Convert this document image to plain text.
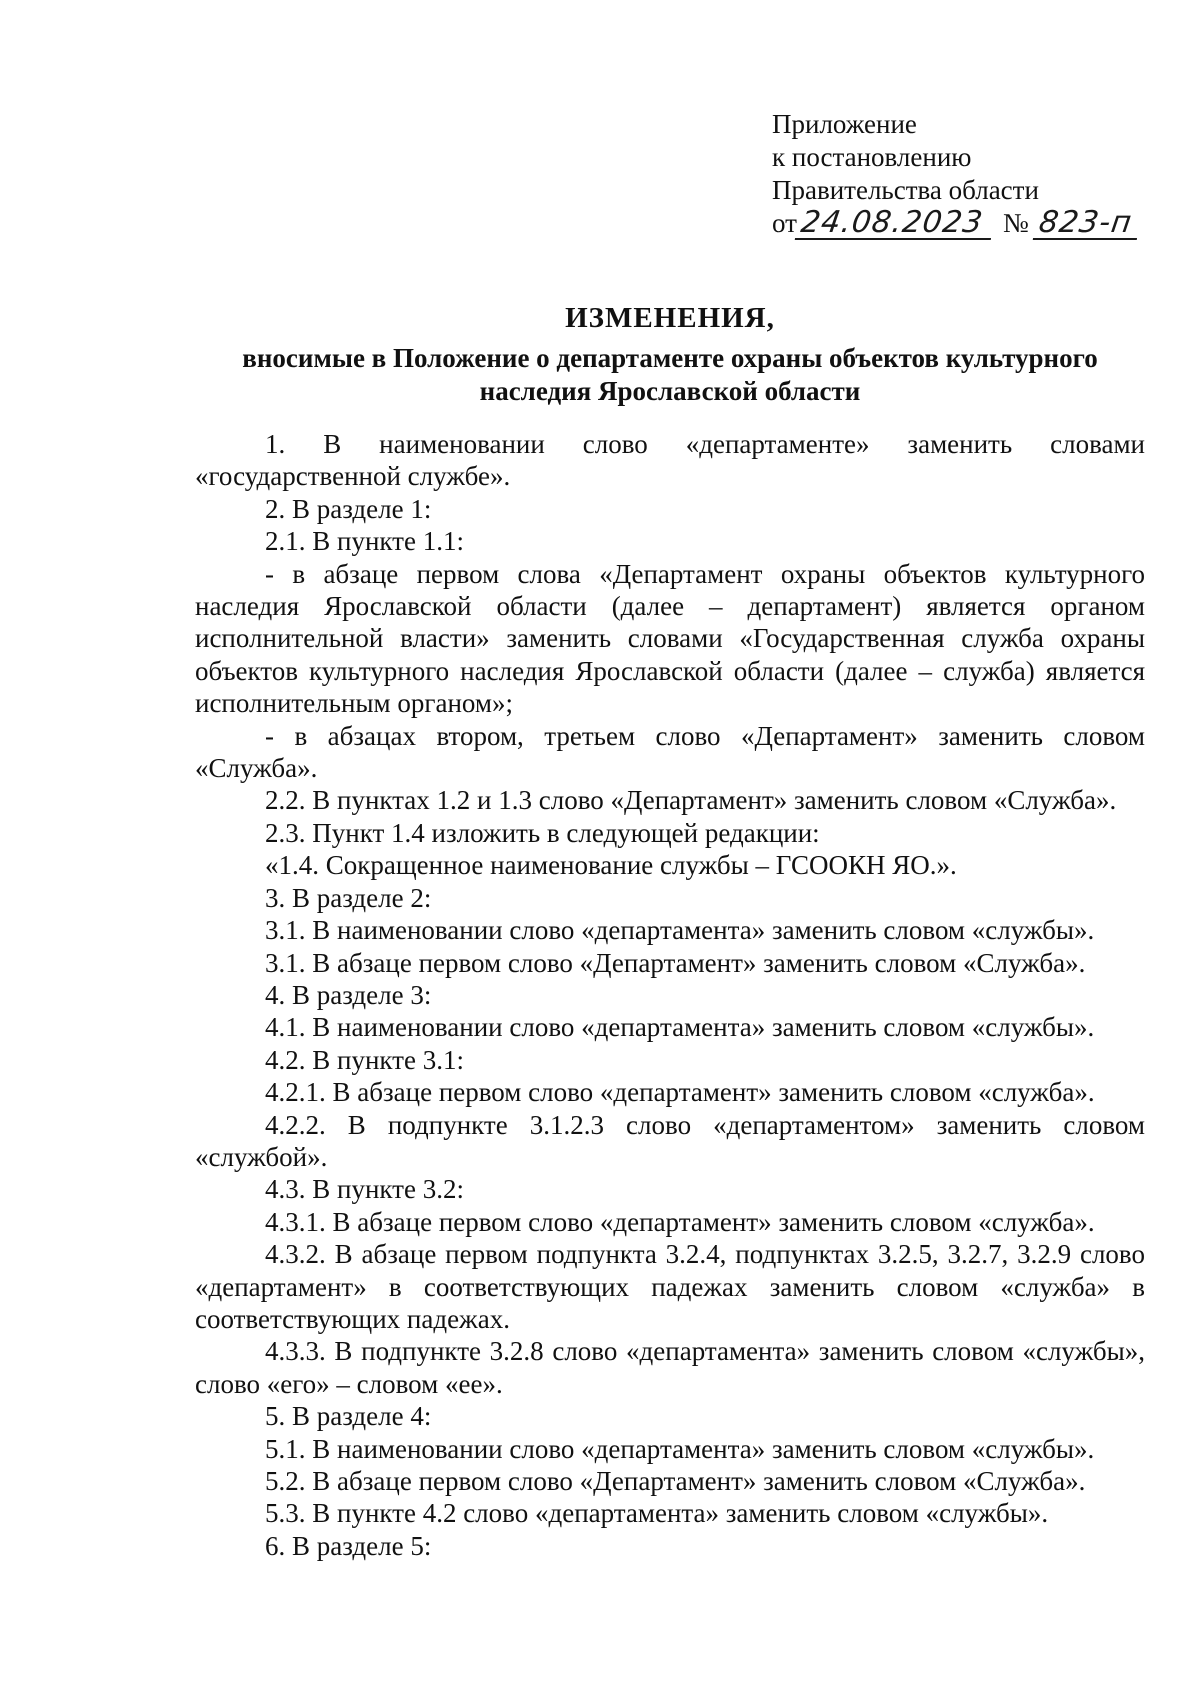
Приложение
к постановлению
Правительства области
от 24.08.2023 № 823-п
ИЗМЕНЕНИЯ,
вносимые в Положение о департаменте охраны объектов культурного наследия Ярославской области

1. В наименовании слово «департаменте» заменить словами «государственной службе».

2. В разделе 1:

2.1. В пункте 1.1:

- в абзаце первом слова «Департамент охраны объектов культурного наследия Ярославской области (далее – департамент) является органом исполнительной власти» заменить словами «Государственная служба охраны объектов культурного наследия Ярославской области (далее – служба) является исполнительным органом»;

- в абзацах втором, третьем слово «Департамент» заменить словом «Служба».

2.2. В пунктах 1.2 и 1.3 слово «Департамент» заменить словом «Служба».

2.3. Пункт 1.4 изложить в следующей редакции:

«1.4. Сокращенное наименование службы – ГСООКН ЯО.».

3. В разделе 2:

3.1. В наименовании слово «департамента» заменить словом «службы».

3.1. В абзаце первом слово «Департамент» заменить словом «Служба».

4. В разделе 3:

4.1. В наименовании слово «департамента» заменить словом «службы».

4.2. В пункте 3.1:

4.2.1. В абзаце первом слово «департамент» заменить словом «служба».

4.2.2. В подпункте 3.1.2.3 слово «департаментом» заменить словом «службой».

4.3. В пункте 3.2:

4.3.1. В абзаце первом слово «департамент» заменить словом «служба».

4.3.2. В абзаце первом подпункта 3.2.4, подпунктах 3.2.5, 3.2.7, 3.2.9 слово «департамент» в соответствующих падежах заменить словом «служба» в соответствующих падежах.

4.3.3. В подпункте 3.2.8 слово «департамента» заменить словом «службы», слово «его» – словом «ее».

5. В разделе 4:

5.1. В наименовании слово «департамента» заменить словом «службы».

5.2. В абзаце первом слово «Департамент» заменить словом «Служба».

5.3. В пункте 4.2 слово «департамента» заменить словом «службы».

6. В разделе 5:
